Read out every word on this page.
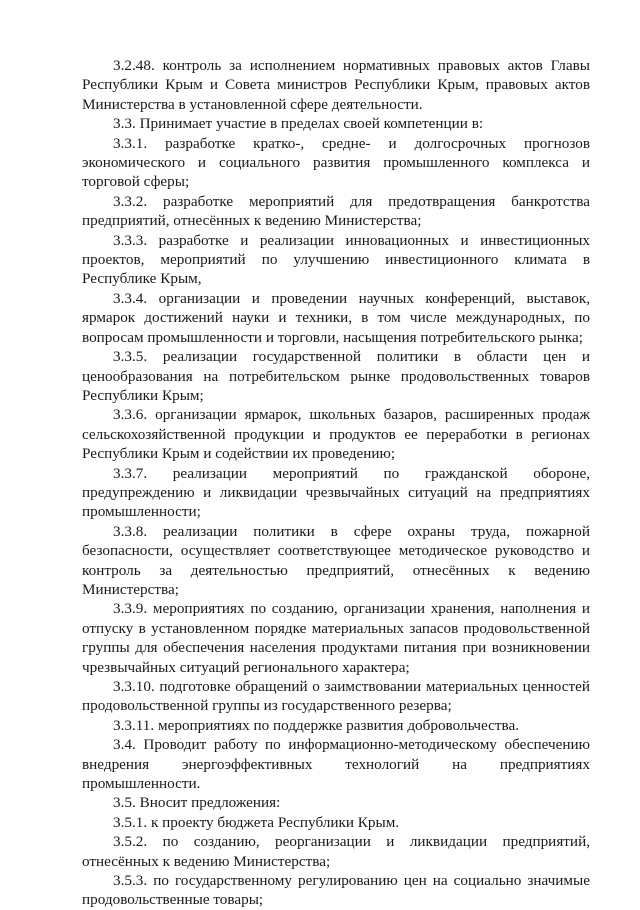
3.2.48. контроль за исполнением нормативных правовых актов Главы Республики Крым и Совета министров Республики Крым, правовых актов Министерства в установленной сфере деятельности.

3.3. Принимает участие в пределах своей компетенции в:

3.3.1. разработке кратко-, средне- и долгосрочных прогнозов экономического и социального развития промышленного комплекса и торговой сферы;

3.3.2. разработке мероприятий для предотвращения банкротства предприятий, отнесённых к ведению Министерства;

3.3.3. разработке и реализации инновационных и инвестиционных проектов, мероприятий по улучшению инвестиционного климата в Республике Крым,

3.3.4. организации и проведении научных конференций, выставок, ярмарок достижений науки и техники, в том числе международных, по вопросам промышленности и торговли, насыщения потребительского рынка;

3.3.5. реализации государственной политики в области цен и ценообразования на потребительском рынке продовольственных товаров Республики Крым;

3.3.6. организации ярмарок, школьных базаров, расширенных продаж сельскохозяйственной продукции и продуктов ее переработки в регионах Республики Крым и содействии их проведению;

3.3.7. реализации мероприятий по гражданской обороне, предупреждению и ликвидации чрезвычайных ситуаций на предприятиях промышленности;

3.3.8. реализации политики в сфере охраны труда, пожарной безопасности, осуществляет соответствующее методическое руководство и контроль за деятельностью предприятий, отнесённых к ведению Министерства;

3.3.9. мероприятиях по созданию, организации хранения, наполнения и отпуску в установленном порядке материальных запасов продовольственной группы для обеспечения населения продуктами питания при возникновении чрезвычайных ситуаций регионального характера;

3.3.10. подготовке обращений о заимствовании материальных ценностей продовольственной группы из государственного резерва;

3.3.11. мероприятиях по поддержке развития добровольчества.

3.4. Проводит работу по информационно-методическому обеспечению внедрения энергоэффективных технологий на предприятиях промышленности.

3.5. Вносит предложения:

3.5.1. к проекту бюджета Республики Крым.

3.5.2. по созданию, реорганизации и ликвидации предприятий, отнесённых к ведению Министерства;

3.5.3. по государственному регулированию цен на социально значимые продовольственные товары;
